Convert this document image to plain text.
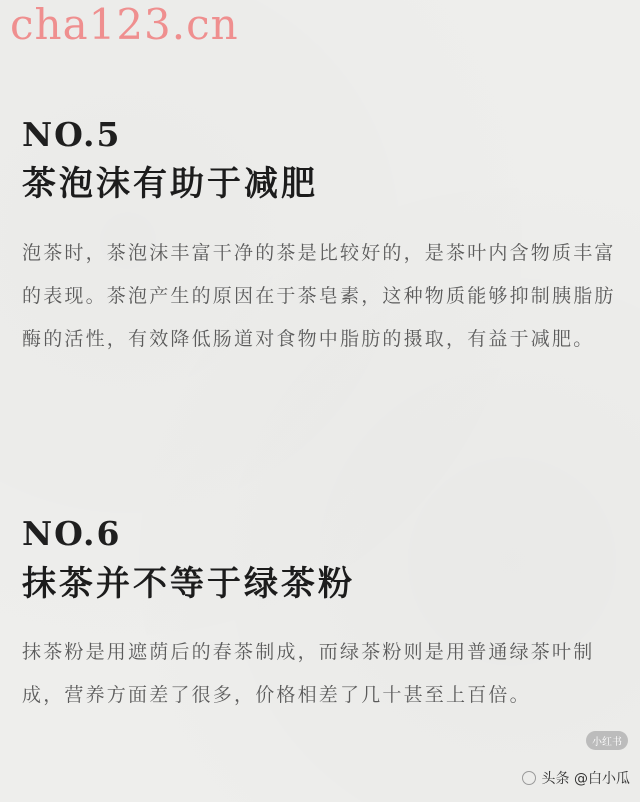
cha123.cn

NO.5
茶泡沫有助于减肥

泡茶时，茶泡沫丰富干净的茶是比较好的，是茶叶内含物质丰富的表现。茶泡产生的原因在于茶皂素，这种物质能够抑制胰脂肪酶的活性，有效降低肠道对食物中脂肪的摄取，有益于减肥。

NO.6
抹茶并不等于绿茶粉

抹茶粉是用遮荫后的春茶制成，而绿茶粉则是用普通绿茶叶制成，营养方面差了很多，价格相差了几十甚至上百倍。

小红书
头条 @白小瓜
